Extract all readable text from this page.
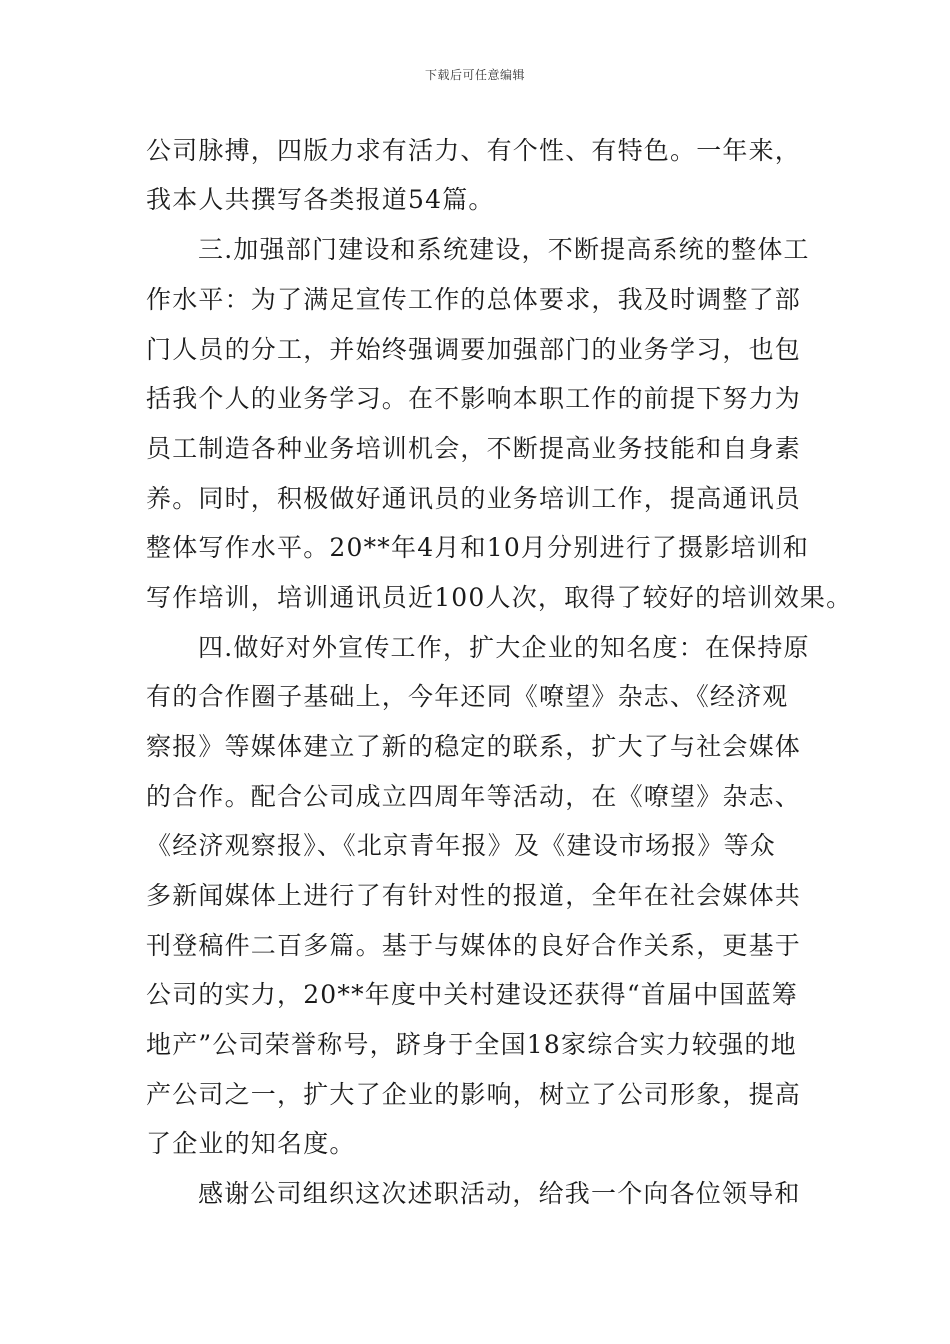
下载后可任意编辑
公司脉搏，四版力求有活力、有个性、有特色。一年来，
我本人共撰写各类报道54篇。
三.加强部门建设和系统建设，不断提高系统的整体工
作水平：为了满足宣传工作的总体要求，我及时调整了部
门人员的分工，并始终强调要加强部门的业务学习，也包
括我个人的业务学习。在不影响本职工作的前提下努力为
员工制造各种业务培训机会，不断提高业务技能和自身素
养。同时，积极做好通讯员的业务培训工作，提高通讯员
整体写作水平。20**年4月和10月分别进行了摄影培训和
写作培训，培训通讯员近100人次，取得了较好的培训效果。
四.做好对外宣传工作，扩大企业的知名度：在保持原
有的合作圈子基础上，今年还同《嘹望》杂志、《经济观
察报》等媒体建立了新的稳定的联系，扩大了与社会媒体
的合作。配合公司成立四周年等活动，在《嘹望》杂志、
《经济观察报》、《北京青年报》及《建设市场报》等众
多新闻媒体上进行了有针对性的报道，全年在社会媒体共
刊登稿件二百多篇。基于与媒体的良好合作关系，更基于
公司的实力，20**年度中关村建设还获得“首届中国蓝筹
地产”公司荣誉称号，跻身于全国18家综合实力较强的地
产公司之一，扩大了企业的影响，树立了公司形象，提高
了企业的知名度。
感谢公司组织这次述职活动，给我一个向各位领导和
